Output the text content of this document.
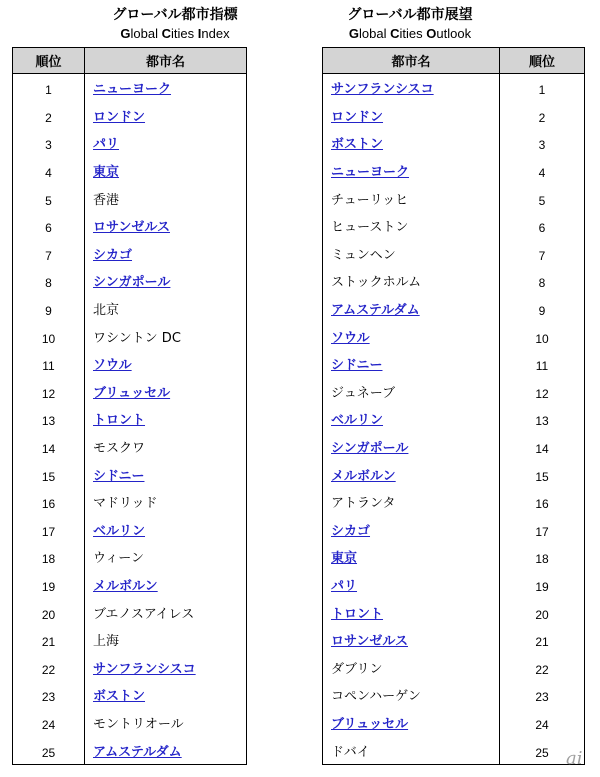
グローバル都市指標
Global Cities Index
グローバル都市展望
Global Cities Outlook
順位	都市名
1	ニューヨーク
2	ロンドン
3	パリ
4	東京
5	香港
6	ロサンゼルス
7	シカゴ
8	シンガポール
9	北京
10	ワシントン DC
11	ソウル
12	ブリュッセル
13	トロント
14	モスクワ
15	シドニー
16	マドリッド
17	ベルリン
18	ウィーン
19	メルボルン
20	ブエノスアイレス
21	上海
22	サンフランシスコ
23	ボストン
24	モントリオール
25	アムステルダム
都市名	順位
サンフランシスコ	1
ロンドン	2
ボストン	3
ニューヨーク	4
チューリッヒ	5
ヒューストン	6
ミュンヘン	7
ストックホルム	8
アムステルダム	9
ソウル	10
シドニー	11
ジュネーブ	12
ベルリン	13
シンガポール	14
メルボルン	15
アトランタ	16
シカゴ	17
東京	18
パリ	19
トロント	20
ロサンゼルス	21
ダブリン	22
コペンハーゲン	23
ブリュッセル	24
ドバイ	25 ai
